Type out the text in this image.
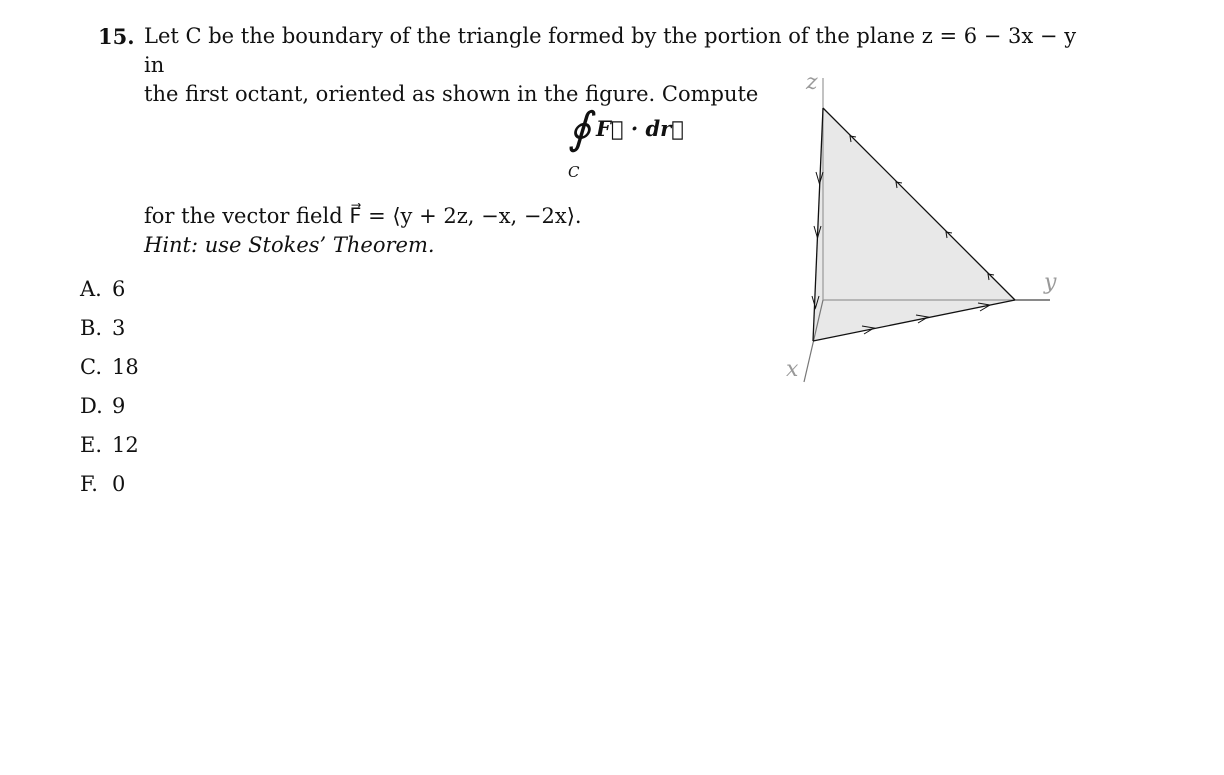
15. Let C be the boundary of the triangle formed by the portion of the plane z = 6 − 3x − y in
the first octant, oriented as shown in the figure. Compute
∮
C
F⃗ · dr⃗
for the vector field F⃗ = ⟨y + 2z, −x, −2x⟩.
Hint: use Stokes’ Theorem.
A. 6
B. 3
C. 18
D. 9
E. 12
F. 0
z
y
x
